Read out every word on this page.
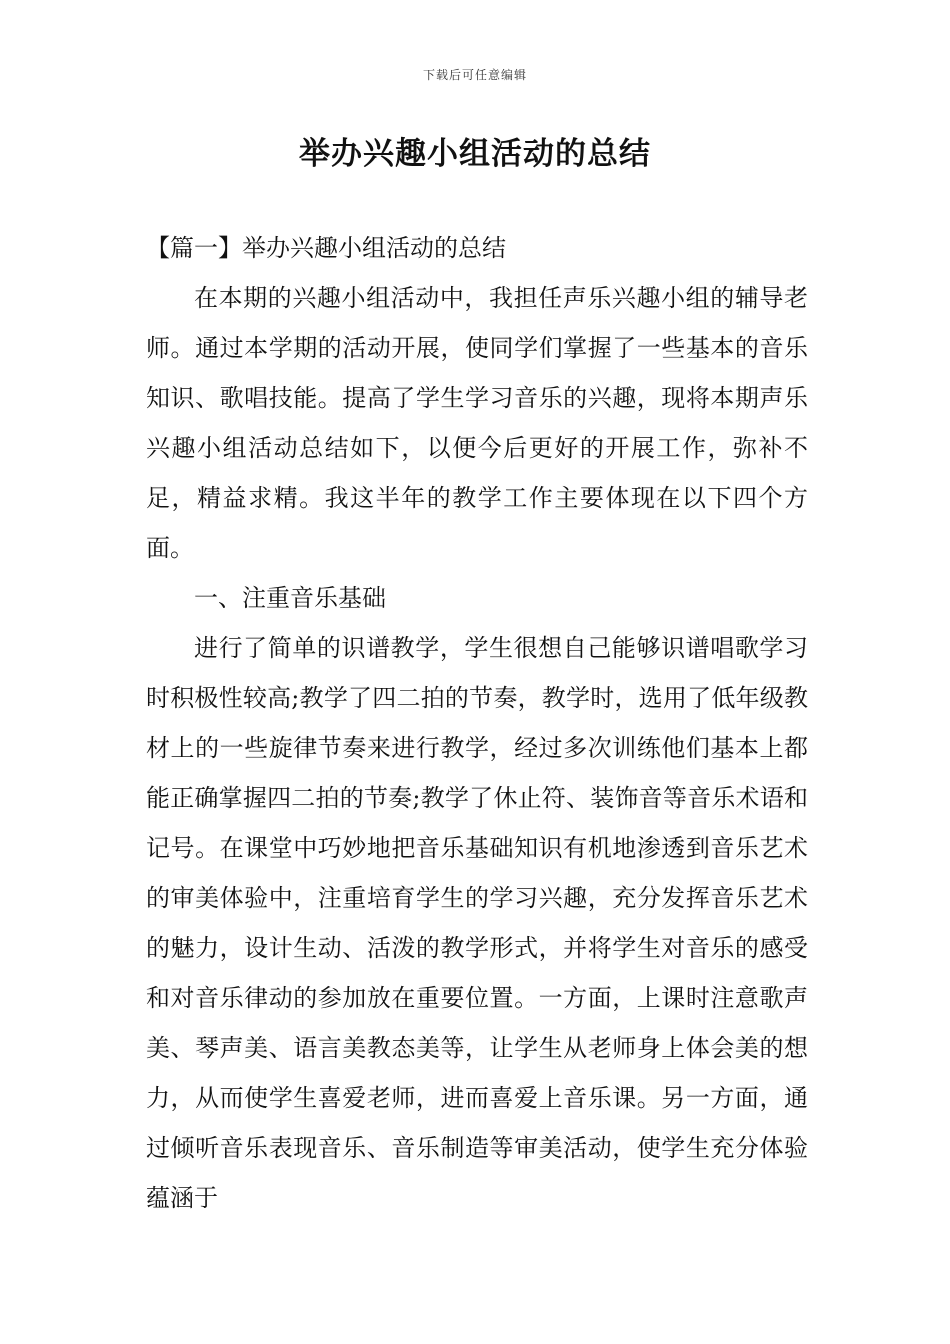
下载后可任意编辑
举办兴趣小组活动的总结
【篇一】举办兴趣小组活动的总结

在本期的兴趣小组活动中，我担任声乐兴趣小组的辅导老师。通过本学期的活动开展，使同学们掌握了一些基本的音乐知识、歌唱技能。提高了学生学习音乐的兴趣，现将本期声乐兴趣小组活动总结如下，以便今后更好的开展工作，弥补不足，精益求精。我这半年的教学工作主要体现在以下四个方面。

一、注重音乐基础

进行了简单的识谱教学，学生很想自己能够识谱唱歌学习时积极性较高;教学了四二拍的节奏，教学时，选用了低年级教材上的一些旋律节奏来进行教学，经过多次训练他们基本上都能正确掌握四二拍的节奏;教学了休止符、装饰音等音乐术语和记号。在课堂中巧妙地把音乐基础知识有机地渗透到音乐艺术的审美体验中，注重培育学生的学习兴趣，充分发挥音乐艺术的魅力，设计生动、活泼的教学形式，并将学生对音乐的感受和对音乐律动的参加放在重要位置。一方面，上课时注意歌声美、琴声美、语言美教态美等，让学生从老师身上体会美的想力，从而使学生喜爱老师，进而喜爱上音乐课。另一方面，通过倾听音乐表现音乐、音乐制造等审美活动，使学生充分体验蕴涵于
